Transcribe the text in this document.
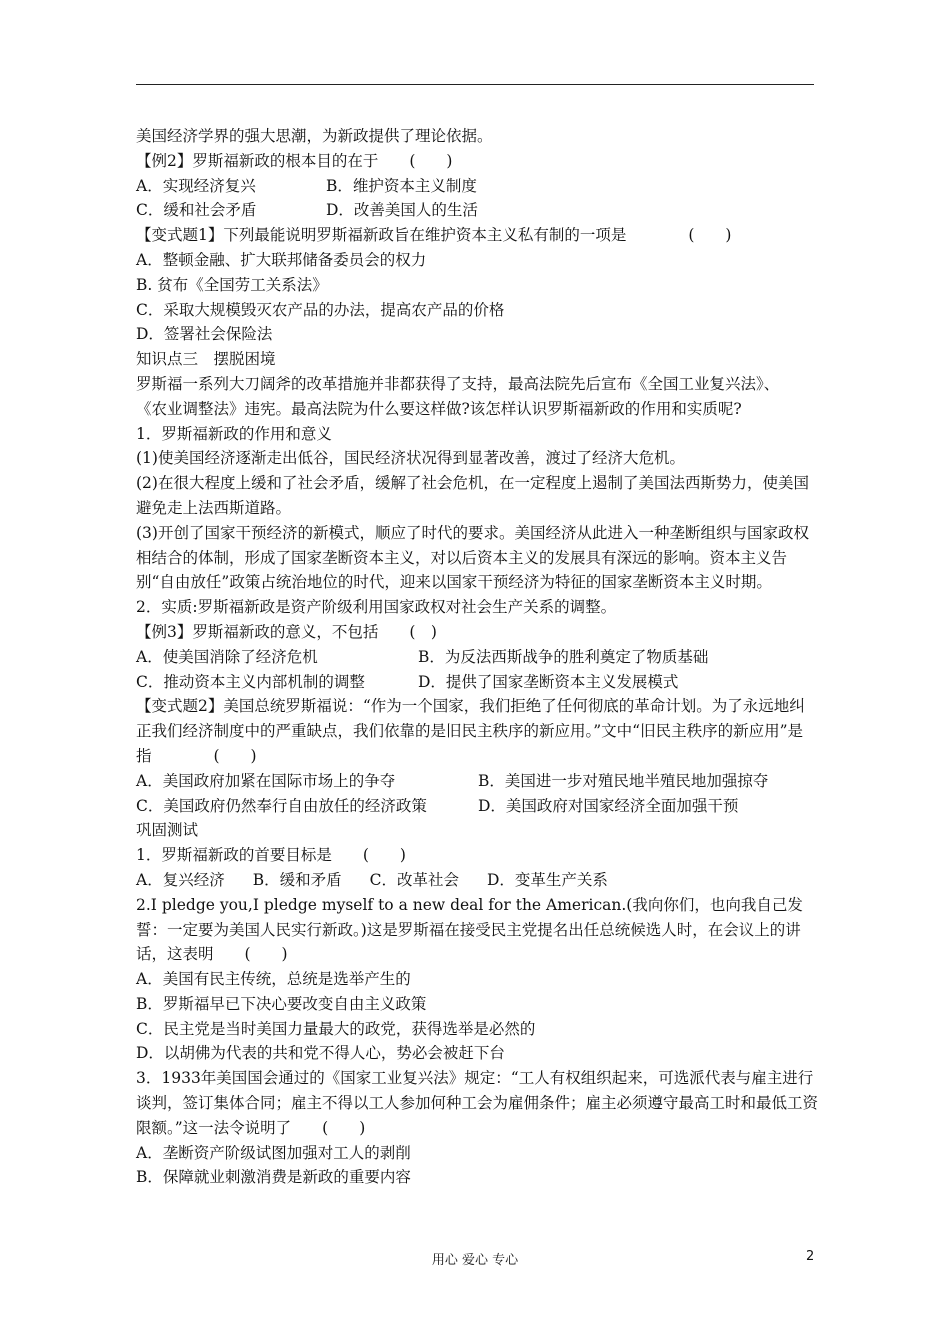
美国经济学界的强大思潮，为新政提供了理论依据。
【例2】罗斯福新政的根本目的在于　　(　　)
A．实现经济复兴	B．维护资本主义制度
C．缓和社会矛盾	D．改善美国人的生活
【变式题1】下列最能说明罗斯福新政旨在维护资本主义私有制的一项是　　　　(　　)
A．整顿金融、扩大联邦储备委员会的权力
B. 贫布《全国劳工关系法》
C．采取大规模毁灭农产品的办法，提高农产品的价格
D．签署社会保险法
知识点三　摆脱困境
罗斯福一系列大刀阔斧的改革措施并非都获得了支持，最高法院先后宣布《全国工业复兴法》、
《农业调整法》违宪。最高法院为什么要这样做?该怎样认识罗斯福新政的作用和实质呢?
1．罗斯福新政的作用和意义
(1)使美国经济逐渐走出低谷，国民经济状况得到显著改善，渡过了经济大危机。
(2)在很大程度上缓和了社会矛盾，缓解了社会危机，在一定程度上遏制了美国法西斯势力，使美国避免走上法西斯道路。
(3)开创了国家干预经济的新模式，顺应了时代的要求。美国经济从此进入一种垄断组织与国家政权相结合的体制，形成了国家垄断资本主义，对以后资本主义的发展具有深远的影响。资本主义告别“自由放任”政策占统治地位的时代，迎来以国家干预经济为特征的国家垄断资本主义时期。
2．实质:罗斯福新政是资产阶级利用国家政权对社会生产关系的调整。
【例3】罗斯福新政的意义，不包括　　(　)
A．使美国消除了经济危机	B．为反法西斯战争的胜利奠定了物质基础
C．推动资本主义内部机制的调整	D．提供了国家垄断资本主义发展模式
【变式题2】美国总统罗斯福说：“作为一个国家，我们拒绝了任何彻底的革命计划。为了永远地纠正我们经济制度中的严重缺点，我们依靠的是旧民主秩序的新应用。”文中“旧民主秩序的新应用”是指　　　　(　　)
A．美国政府加紧在国际市场上的争夺	B．美国进一步对殖民地半殖民地加强掠夺
C．美国政府仍然奉行自由放任的经济政策	D．美国政府对国家经济全面加强干预
巩固测试
1．罗斯福新政的首要目标是　　(　　)
A．复兴经济 B．缓和矛盾 C．改革社会 D．变革生产关系
2.I pledge you,I pledge myself to a new deal for the American.(我向你们，也向我自己发誓：一定要为美国人民实行新政。)这是罗斯福在接受民主党提名出任总统候选人时，在会议上的讲话，这表明　　(　　)
A．美国有民主传统，总统是选举产生的
B．罗斯福早已下决心要改变自由主义政策
C．民主党是当时美国力量最大的政党，获得选举是必然的
D．以胡佛为代表的共和党不得人心，势必会被赶下台
3．1933年美国国会通过的《国家工业复兴法》规定：“工人有权组织起来，可选派代表与雇主进行谈判，签订集体合同；雇主不得以工人参加何种工会为雇佣条件；雇主必须遵守最高工时和最低工资限额。”这一法令说明了　　(　　)
A．垄断资产阶级试图加强对工人的剥削
B．保障就业刺激消费是新政的重要内容
用心 爱心 专心	2
